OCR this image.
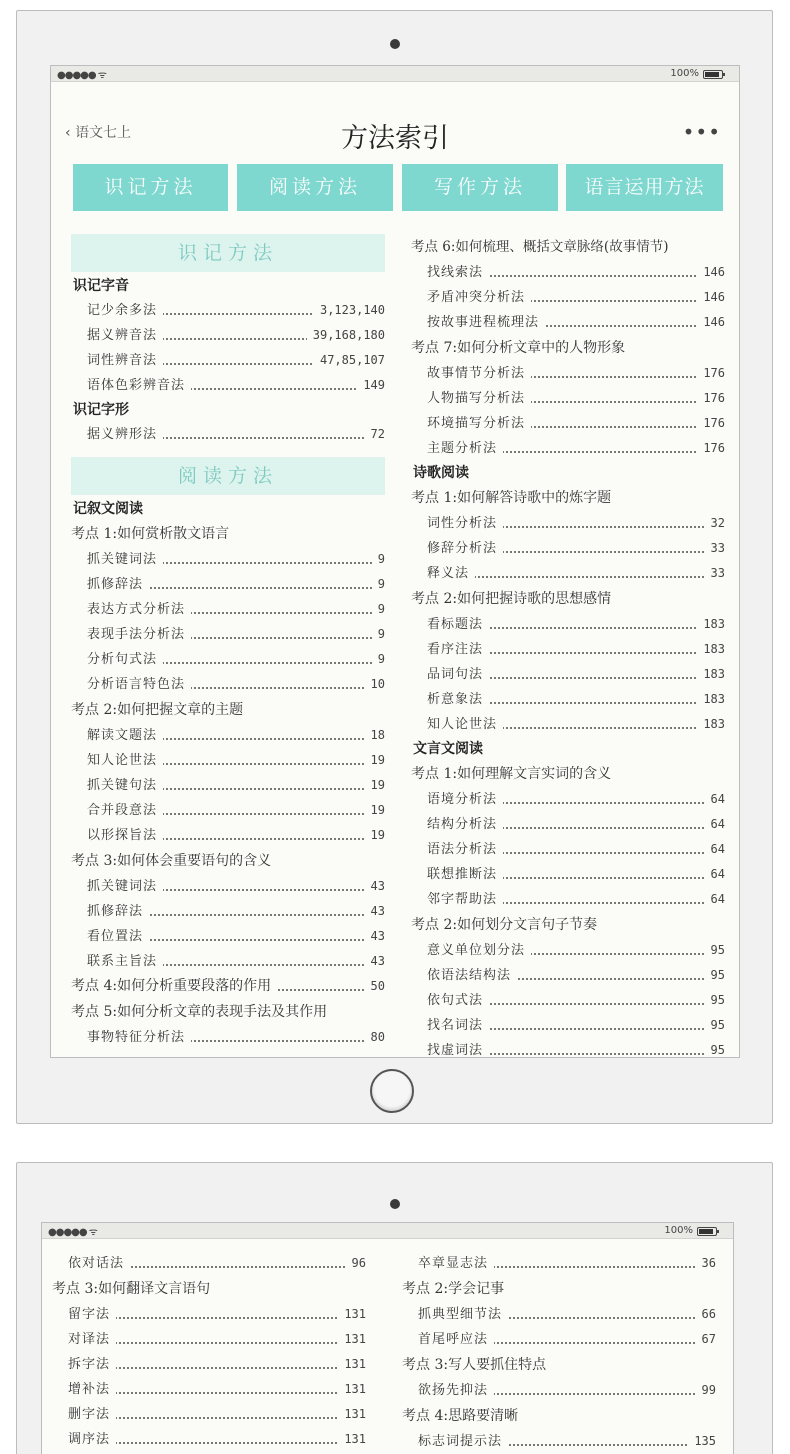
●●●●● ᯤ	100%
‹ 语文七上	方法索引	•••
识记方法	阅读方法	写作方法	语言运用方法
识记方法
识记字音
记少余多法	3,123,140
据义辨音法	39,168,180
词性辨音法	47,85,107
语体色彩辨音法	149
识记字形
据义辨形法	72
阅读方法
记叙文阅读
考点 1:如何赏析散文语言
抓关键词法	9
抓修辞法	9
表达方式分析法	9
表现手法分析法	9
分析句式法	9
分析语言特色法	10
考点 2:如何把握文章的主题
解读文题法	18
知人论世法	19
抓关键句法	19
合并段意法	19
以形探旨法	19
考点 3:如何体会重要语句的含义
抓关键词法	43
抓修辞法	43
看位置法	43
联系主旨法	43
考点 4:如何分析重要段落的作用	50
考点 5:如何分析文章的表现手法及其作用
事物特征分析法	80
考点 6:如何梳理、概括文章脉络(故事情节)
找线索法	146
矛盾冲突分析法	146
按故事进程梳理法	146
考点 7:如何分析文章中的人物形象
故事情节分析法	176
人物描写分析法	176
环境描写分析法	176
主题分析法	176
诗歌阅读
考点 1:如何解答诗歌中的炼字题
词性分析法	32
修辞分析法	33
释义法	33
考点 2:如何把握诗歌的思想感情
看标题法	183
看序注法	183
品词句法	183
析意象法	183
知人论世法	183
文言文阅读
考点 1:如何理解文言实词的含义
语境分析法	64
结构分析法	64
语法分析法	64
联想推断法	64
邻字帮助法	64
考点 2:如何划分文言句子节奏
意义单位划分法	95
依语法结构法	95
依句式法	95
找名词法	95
找虚词法	95
●●●●● ᯤ	100%
依对话法	96
考点 3:如何翻译文言语句
留字法	131
对译法	131
拆字法	131
增补法	131
删字法	131
调序法	131
卒章显志法	36
考点 2:学会记事
抓典型细节法	66
首尾呼应法	67
考点 3:写人要抓住特点
欲扬先抑法	99
考点 4:思路要清晰
标志词提示法	135
